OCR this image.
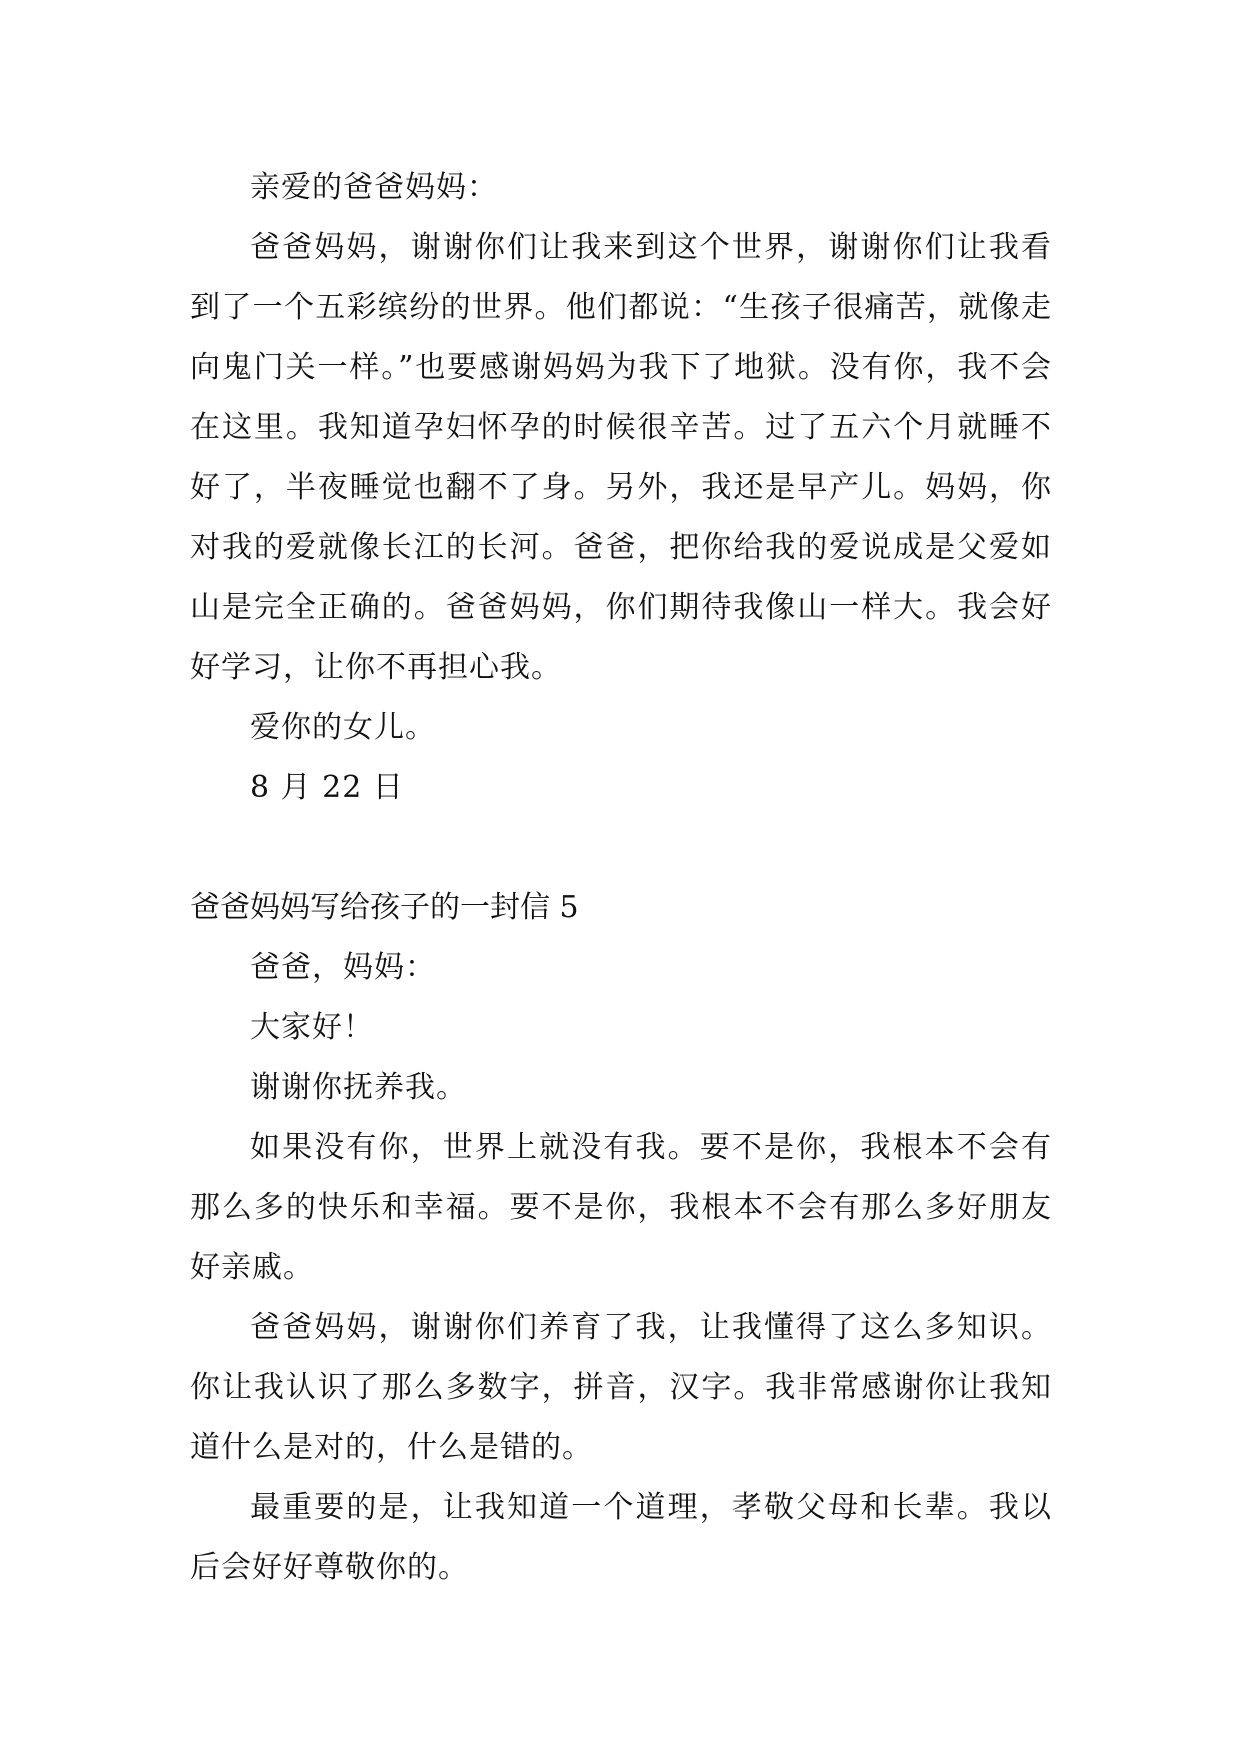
亲爱的爸爸妈妈：

爸爸妈妈，谢谢你们让我来到这个世界，谢谢你们让我看到了一个五彩缤纷的世界。他们都说：“生孩子很痛苦，就像走向鬼门关一样。”也要感谢妈妈为我下了地狱。没有你，我不会在这里。我知道孕妇怀孕的时候很辛苦。过了五六个月就睡不好了，半夜睡觉也翻不了身。另外，我还是早产儿。妈妈，你对我的爱就像长江的长河。爸爸，把你给我的爱说成是父爱如山是完全正确的。爸爸妈妈，你们期待我像山一样大。我会好好学习，让你不再担心我。

爱你的女儿。

8 月 22 日

爸爸妈妈写给孩子的一封信 5

爸爸，妈妈：

大家好！

谢谢你抚养我。

如果没有你，世界上就没有我。要不是你，我根本不会有那么多的快乐和幸福。要不是你，我根本不会有那么多好朋友好亲戚。

爸爸妈妈，谢谢你们养育了我，让我懂得了这么多知识。你让我认识了那么多数字，拼音，汉字。我非常感谢你让我知道什么是对的，什么是错的。

最重要的是，让我知道一个道理，孝敬父母和长辈。我以后会好好尊敬你的。
